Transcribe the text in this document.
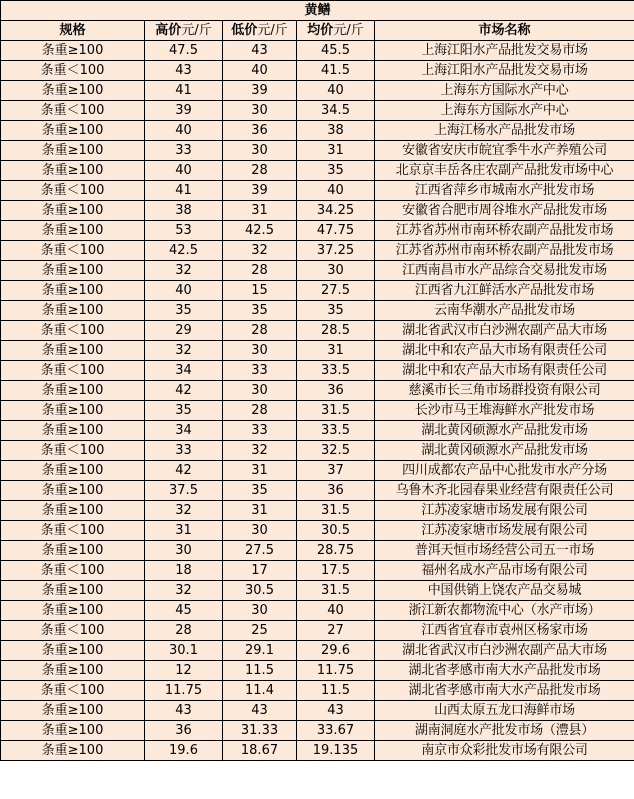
黄鳝				
规格	高价元/斤	低价元/斤	均价元/斤	市场名称
条重≥100	47.5	43	45.5	上海江阳水产品批发交易市场
条重＜100	43	40	41.5	上海江阳水产品批发交易市场
条重≥100	41	39	40	上海东方国际水产中心
条重＜100	39	30	34.5	上海东方国际水产中心
条重≥100	40	36	38	上海江杨水产品批发市场
条重≥100	33	30	31	安徽省安庆市皖宜季牛水产养殖公司
条重≥100	40	28	35	北京京丰岳各庄农副产品批发市场中心
条重＜100	41	39	40	江西省萍乡市城南水产批发市场
条重≥100	38	31	34.25	安徽省合肥市周谷堆水产品批发市场
条重≥100	53	42.5	47.75	江苏省苏州市南环桥农副产品批发市场
条重＜100	42.5	32	37.25	江苏省苏州市南环桥农副产品批发市场
条重≥100	32	28	30	江西南昌市水产品综合交易批发市场
条重≥100	40	15	27.5	江西省九江鲜活水产品批发市场
条重≥100	35	35	35	云南华潮水产品批发市场
条重＜100	29	28	28.5	湖北省武汉市白沙洲农副产品大市场
条重≥100	32	30	31	湖北中和农产品大市场有限责任公司
条重＜100	34	33	33.5	湖北中和农产品大市场有限责任公司
条重≥100	42	30	36	慈溪市长三角市场群投资有限公司
条重≥100	35	28	31.5	长沙市马王堆海鲜水产批发市场
条重≥100	34	33	33.5	湖北黄冈硕源水产品批发市场
条重＜100	33	32	32.5	湖北黄冈硕源水产品批发市场
条重≥100	42	31	37	四川成都农产品中心批发市水产分场
条重≥100	37.5	35	36	乌鲁木齐北园春果业经营有限责任公司
条重≥100	32	31	31.5	江苏凌家塘市场发展有限公司
条重＜100	31	30	30.5	江苏凌家塘市场发展有限公司
条重≥100	30	27.5	28.75	普洱天恒市场经营公司五一市场
条重＜100	18	17	17.5	福州名成水产品市场有限公司
条重≥100	32	30.5	31.5	中国供销上饶农产品交易城
条重≥100	45	30	40	浙江新农都物流中心（水产市场）
条重＜100	28	25	27	江西省宜春市袁州区杨家市场
条重≥100	30.1	29.1	29.6	湖北省武汉市白沙洲农副产品大市场
条重≥100	12	11.5	11.75	湖北省孝感市南大水产品批发市场
条重＜100	11.75	11.4	11.5	湖北省孝感市南大水产品批发市场
条重≥100	43	43	43	山西太原五龙口海鲜市场
条重≥100	36	31.33	33.67	湖南洞庭水产批发市场（澧县）
条重≥100	19.6	18.67	19.135	南京市众彩批发市场有限公司
